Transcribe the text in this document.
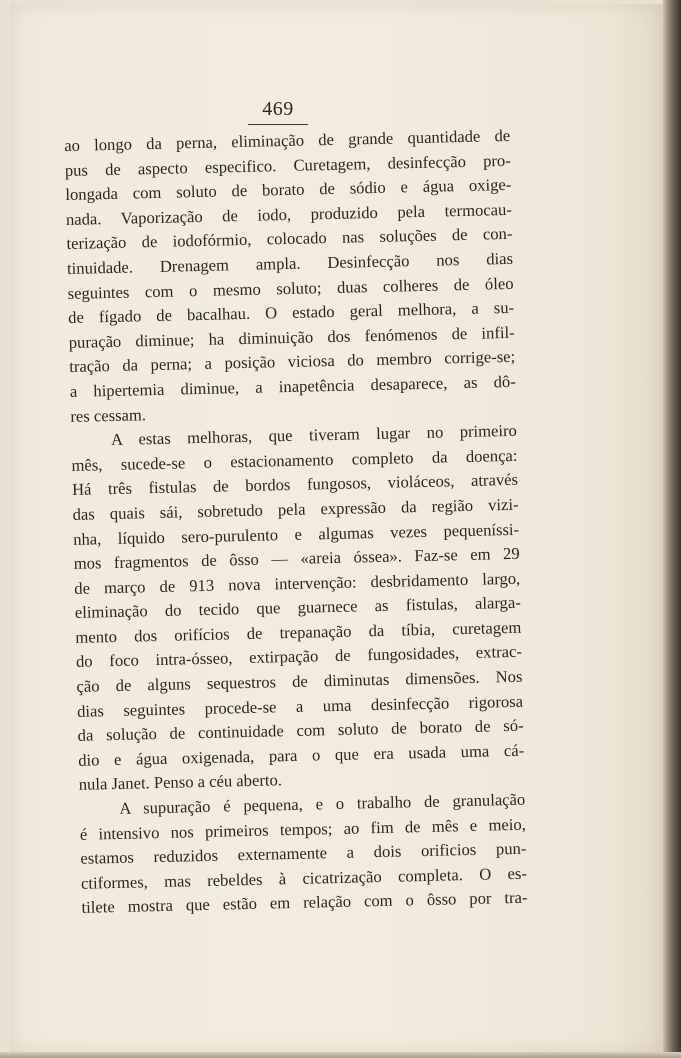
469
ao longo da perna, eliminação de grande quantidade de
pus de aspecto especifico. Curetagem, desinfecção pro-
longada com soluto de borato de sódio e água oxige-
nada. Vaporização de iodo, produzido pela termocau-
terização de iodofórmio, colocado nas soluções de con-
tinuidade. Drenagem ampla. Desinfecção nos dias
seguintes com o mesmo soluto; duas colheres de óleo
de fígado de bacalhau. O estado geral melhora, a su-
puração diminue; ha diminuição dos fenómenos de infil-
tração da perna; a posição viciosa do membro corrige-se;
a hipertemia diminue, a inapetência desaparece, as dô-
res cessam.
A estas melhoras, que tiveram lugar no primeiro
mês, sucede-se o estacionamento completo da doença:
Há três fistulas de bordos fungosos, violáceos, através
das quais sái, sobretudo pela expressão da região vizi-
nha, líquido sero-purulento e algumas vezes pequeníssi-
mos fragmentos de ôsso — «areia óssea». Faz-se em 29
de março de 913 nova intervenção: desbridamento largo,
eliminação do tecido que guarnece as fistulas, alarga-
mento dos orifícios de trepanação da tíbia, curetagem
do foco intra-ósseo, extirpação de fungosidades, extrac-
ção de alguns sequestros de diminutas dimensões. Nos
dias seguintes procede-se a uma desinfecção rigorosa
da solução de continuidade com soluto de borato de só-
dio e água oxigenada, para o que era usada uma cá-
nula Janet. Penso a céu aberto.
A supuração é pequena, e o trabalho de granulação
é intensivo nos primeiros tempos; ao fim de mês e meio,
estamos reduzidos externamente a dois orificios pun-
ctiformes, mas rebeldes à cicatrização completa. O es-
tilete mostra que estão em relação com o ôsso por tra-
